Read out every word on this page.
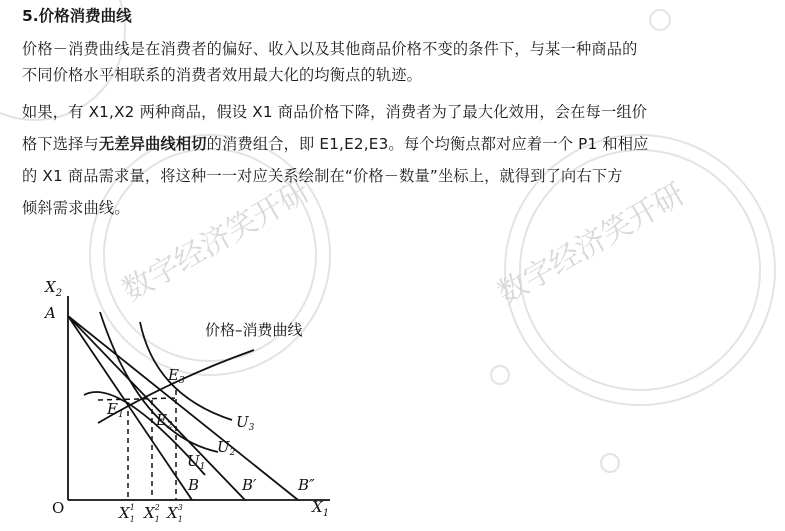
数字经济笑开研	数字经济笑开研
5.价格消费曲线
价格－消费曲线是在消费者的偏好、收入以及其他商品价格不变的条件下，与某一种商品的
不同价格水平相联系的消费者效用最大化的均衡点的轨迹。
如果，有 X1,X2 两种商品，假设 X1 商品价格下降，消费者为了最大化效用，会在每一组价
格下选择与无差异曲线相切的消费组合，即 E1,E2,E3。每个均衡点都对应着一个 P1 和相应
的 X1 商品需求量，将这种一一对应关系绘制在“价格－数量”坐标上，就得到了向右下方
倾斜需求曲线。
$X_2$
A
O	$X_1$
价格–消费曲线
$E_3$
$E_1$ $E_2$	$U_3$
$U_2$
$U_1$
B	B′	B″
$X^1$ 1 $X^2$ 1 $X^3$ 1
